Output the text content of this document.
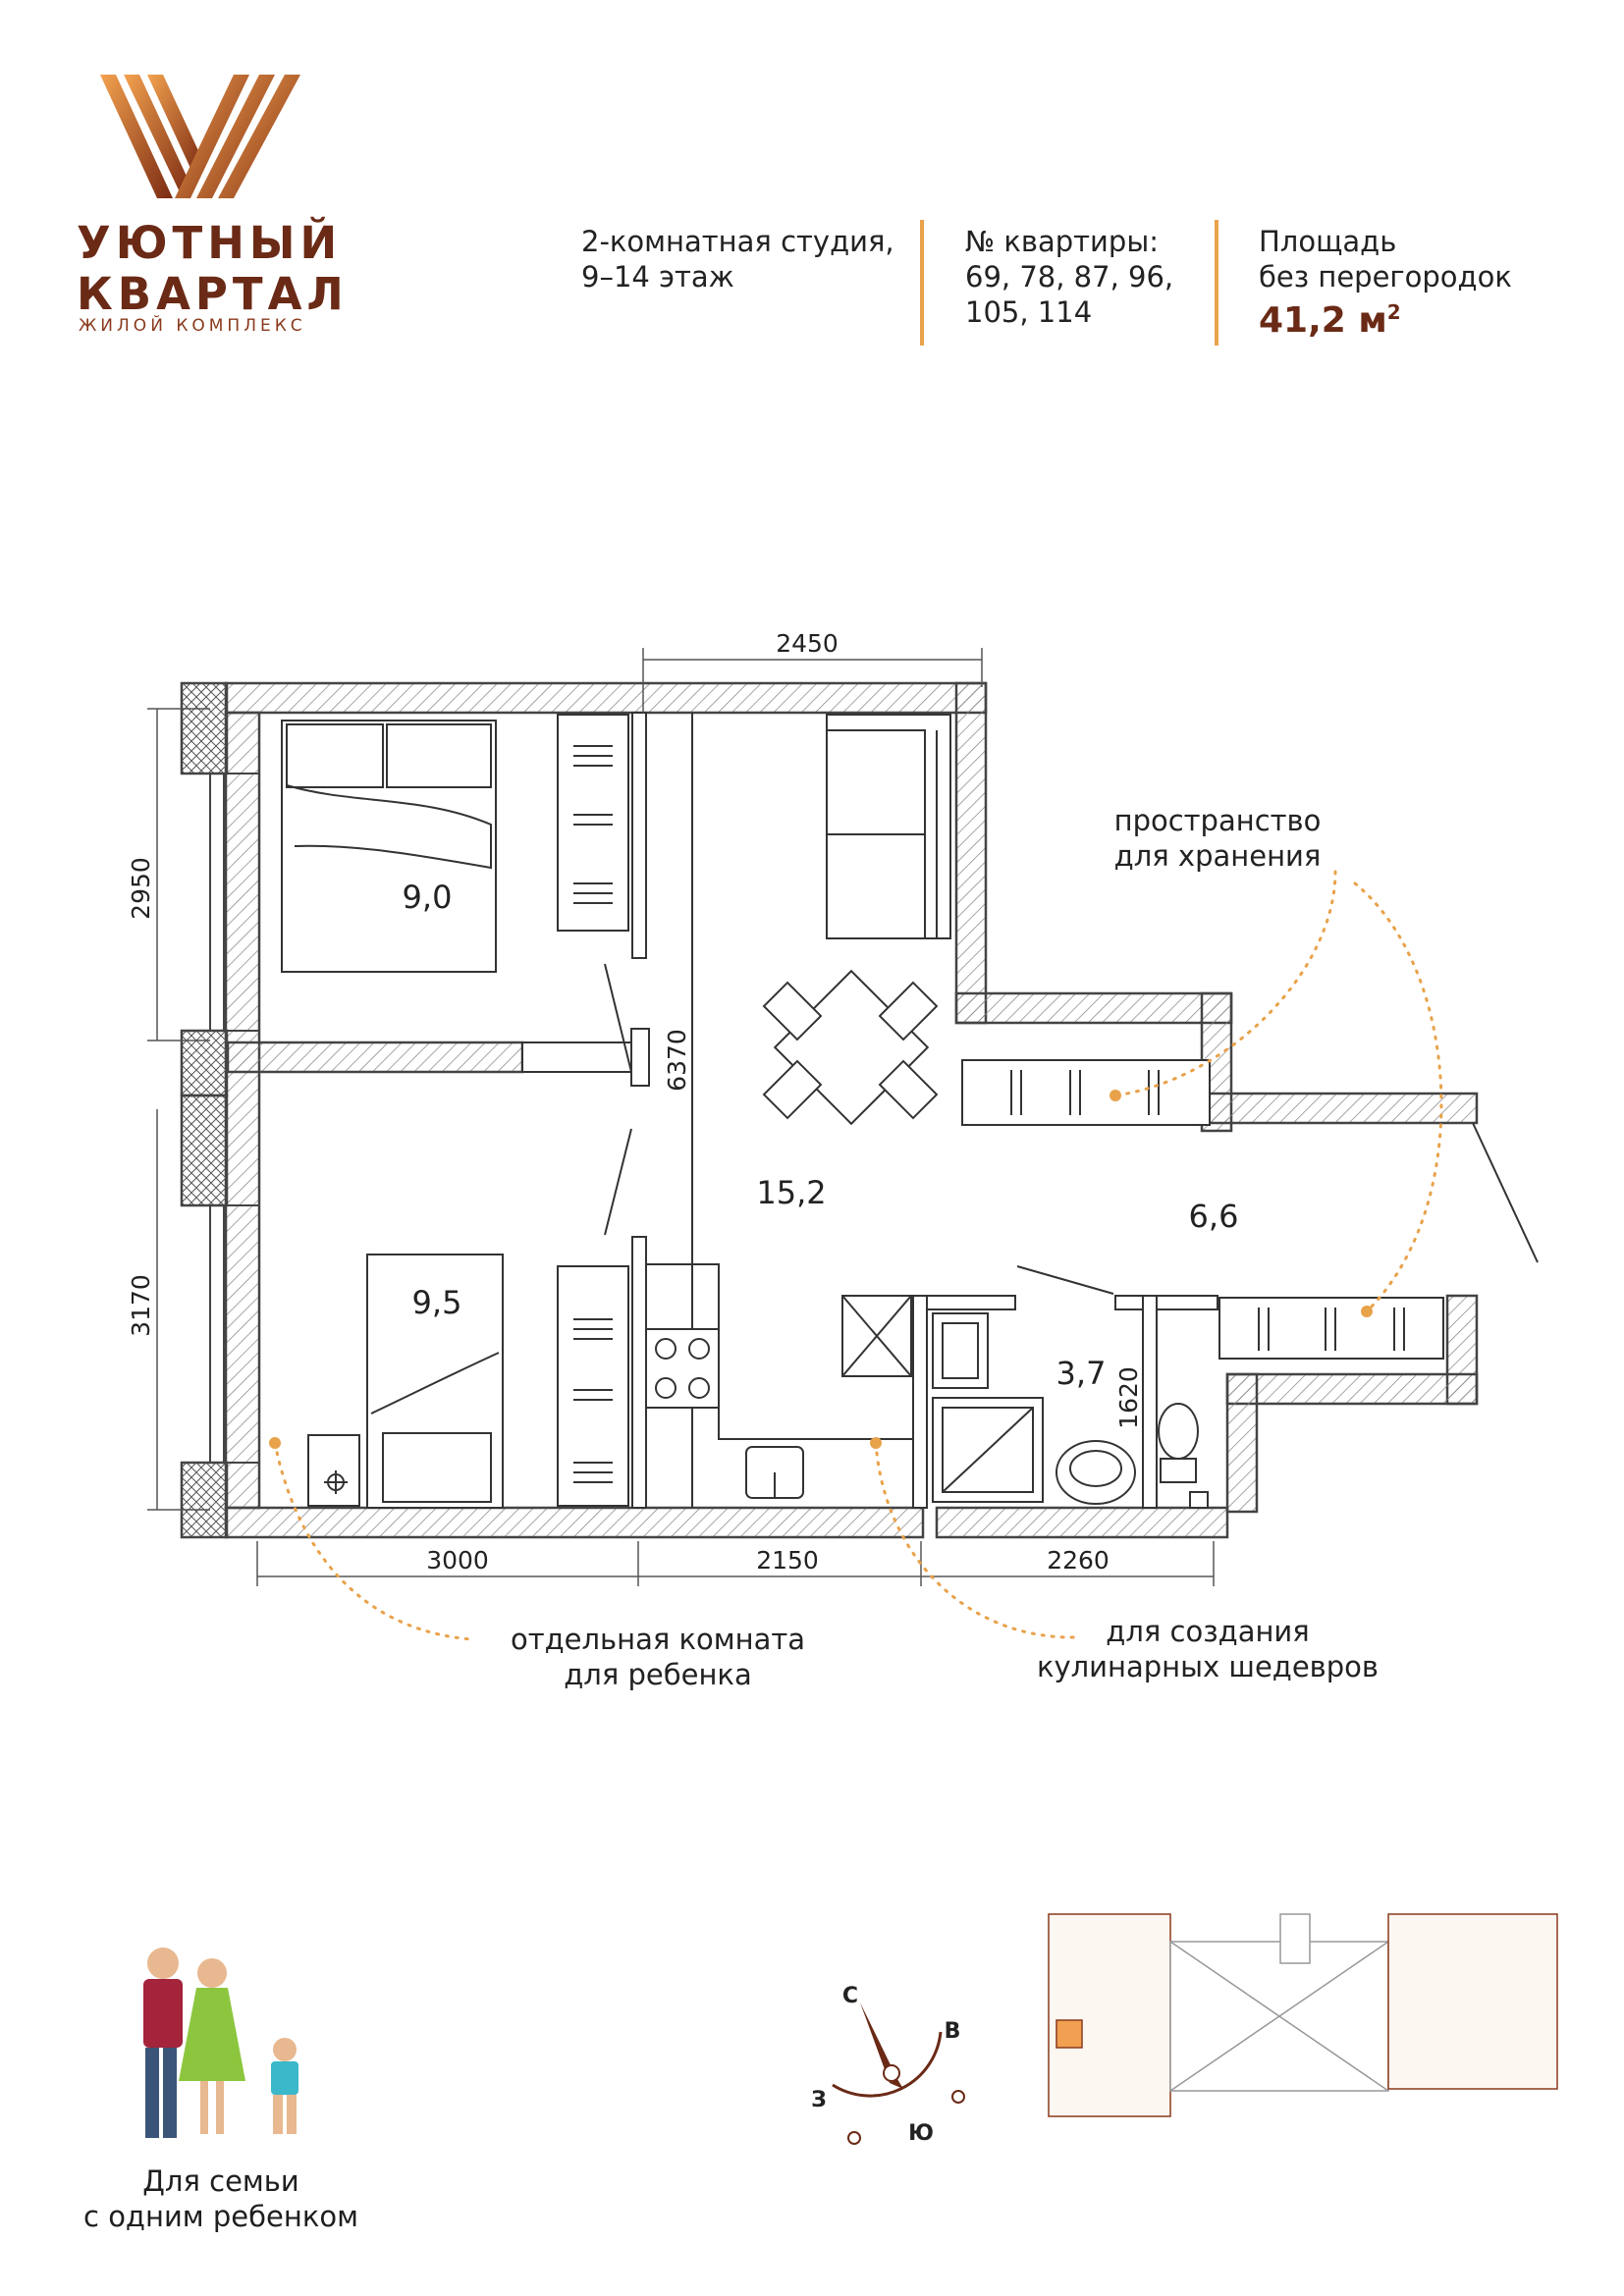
УЮТНЫЙ
КВАРТАЛ
ЖИЛОЙ КОМПЛЕКС
2-комнатная студия,
9–14 этаж
№ квартиры:
69, 78, 87, 96,
105, 114
Площадь
без перегородок
41,2 $м^2$
2450
2950
3170
6370
1620
3000	2150	2260
9,0
9,5
15,2
6,6
3,7
С
В
З
Ю
пространство
для хранения
отдельная комната
для ребенка
для создания
кулинарных шедевров
Для семьи
с одним ребенком
